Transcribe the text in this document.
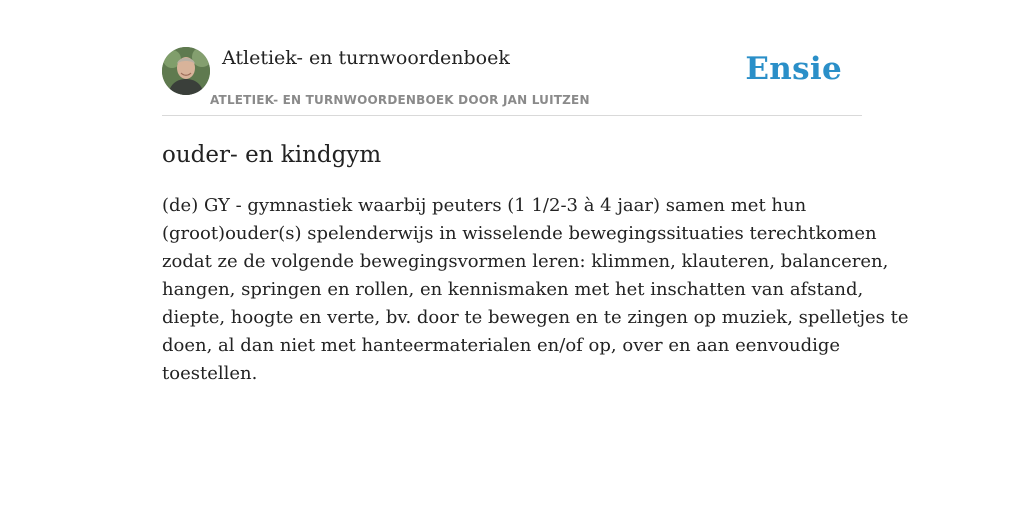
Atletiek- en turnwoordenboek
ATLETIEK- EN TURNWOORDENBOEK DOOR JAN LUITZEN
Ensie
ouder- en kindgym

(de) GY - gymnastiek waarbij peuters (1 1/2-3 à 4 jaar) samen met hun
(groot)ouder(s) spelenderwijs in wisselende bewegingssituaties terechtkomen
zodat ze de volgende bewegingsvormen leren: klimmen, klauteren, balanceren,
hangen, springen en rollen, en kennismaken met het inschatten van afstand,
diepte, hoogte en verte, bv. door te bewegen en te zingen op muziek, spelletjes te
doen, al dan niet met hanteermaterialen en/of op, over en aan eenvoudige
toestellen.
